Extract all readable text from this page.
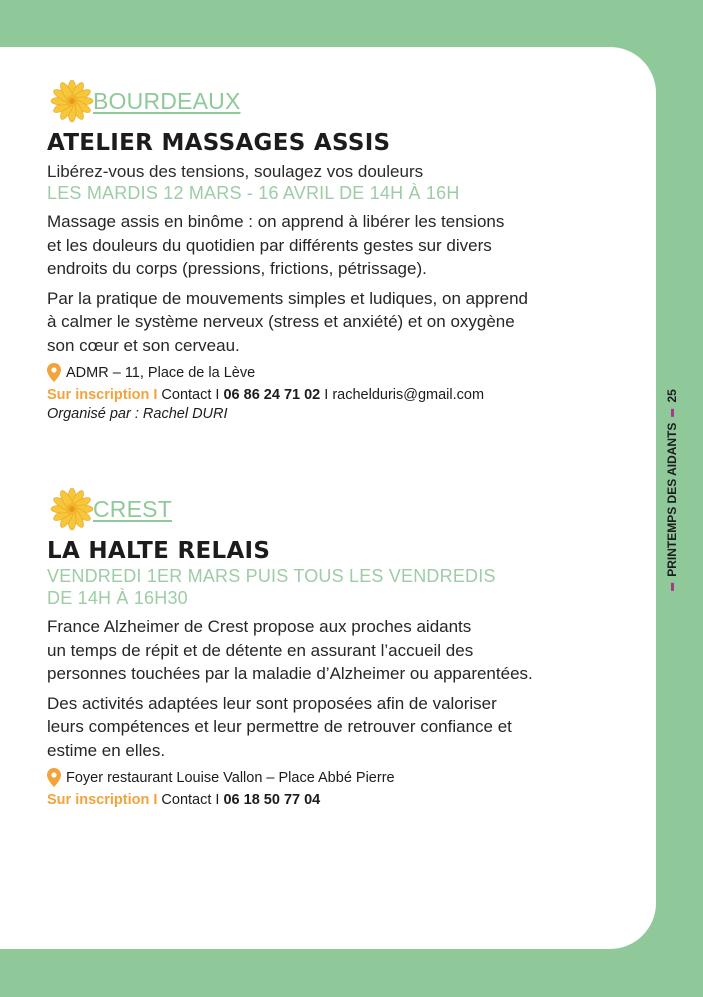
BOURDEAUX
ATELIER MASSAGES ASSIS
Libérez-vous des tensions, soulagez vos douleurs
LES MARDIS 12 MARS - 16 AVRIL DE 14H À 16H
Massage assis en binôme : on apprend à libérer les tensions
et les douleurs du quotidien par différents gestes sur divers
endroits du corps (pressions, frictions, pétrissage).
Par la pratique de mouvements simples et ludiques, on apprend
à calmer le système nerveux (stress et anxiété) et on oxygène
son cœur et son cerveau.
ADMR – 11, Place de la Lève
Sur inscription I Contact I 06 86 24 71 02 I rachelduris@gmail.com
Organisé par : Rachel DURI
CREST
LA HALTE RELAIS
VENDREDI 1ER MARS PUIS TOUS LES VENDREDIS
DE 14H À 16H30
France Alzheimer de Crest propose aux proches aidants
un temps de répit et de détente en assurant l’accueil des
personnes touchées par la maladie d’Alzheimer ou apparentées.
Des activités adaptées leur sont proposées afin de valoriser
leurs compétences et leur permettre de retrouver confiance et
estime en elles.
Foyer restaurant Louise Vallon – Place Abbé Pierre
Sur inscription I Contact I 06 18 50 77 04
PRINTEMPS DES AIDANTS
25
